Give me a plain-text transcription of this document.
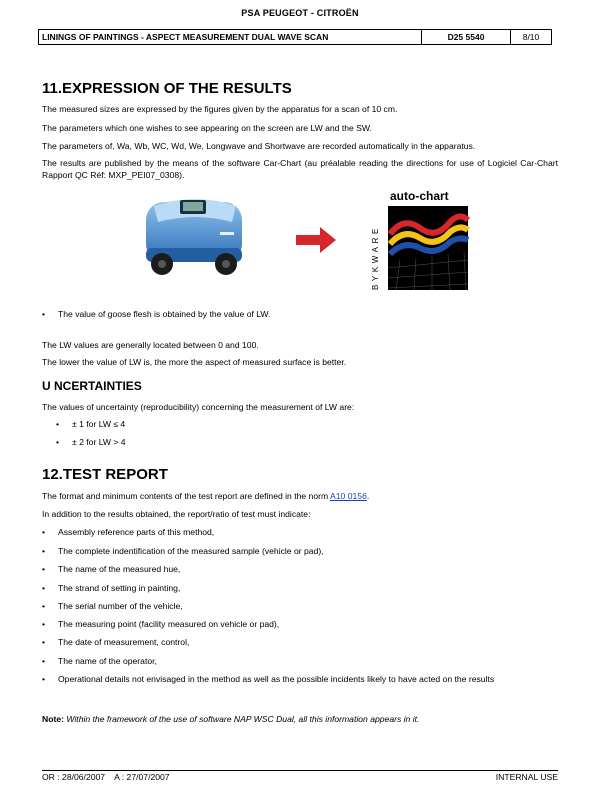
PSA PEUGEOT - CITROËN
LININGS OF PAINTINGS - ASPECT MEASUREMENT DUAL WAVE SCAN	D25 5540	8/10
11.EXPRESSION OF THE RESULTS
The measured sizes are expressed by the figures given by the apparatus for a scan of 10 cm.
The parameters which one wishes to see appearing on the screen are LW and the SW.
The parameters of, Wa, Wb, WC, Wd, We, Longwave and Shortwave are recorded automatically in the apparatus.
The results are published by the means of the software Car-Chart (au préalable reading the directions for use of Logiciel Car-Chart Rapport QC Réf: MXP_PEI07_0308).
auto-chart
BYKWARE
• The value of goose flesh is obtained by the value of LW.
The LW values are generally located between 0 and 100.
The lower the value of LW is, the more the aspect of measured surface is better.
U NCERTAINTIES
The values of uncertainty (reproducibility) concerning the measurement of LW are:
• ± 1 for LW ≤ 4
• ± 2 for LW > 4
12.TEST REPORT
The format and minimum contents of the test report are defined in the norm A10 0156.
In addition to the results obtained, the report/ratio of test must indicate:
• Assembly reference parts of this method,
• The complete indentification of the measured sample (vehicle or pad),
• The name of the measured hue,
• The strand of setting in painting,
• The serial number of the vehicle,
• The measuring point (facility measured on vehicle or pad),
• The date of measurement, control,
• The name of the operator,
• Operational details not envisaged in the method as well as the possible incidents likely to have acted on the results
Note: Within the framework of the use of software NAP WSC Dual, all this information appears in it.
OR : 28/06/2007    A : 27/07/2007	INTERNAL USE
